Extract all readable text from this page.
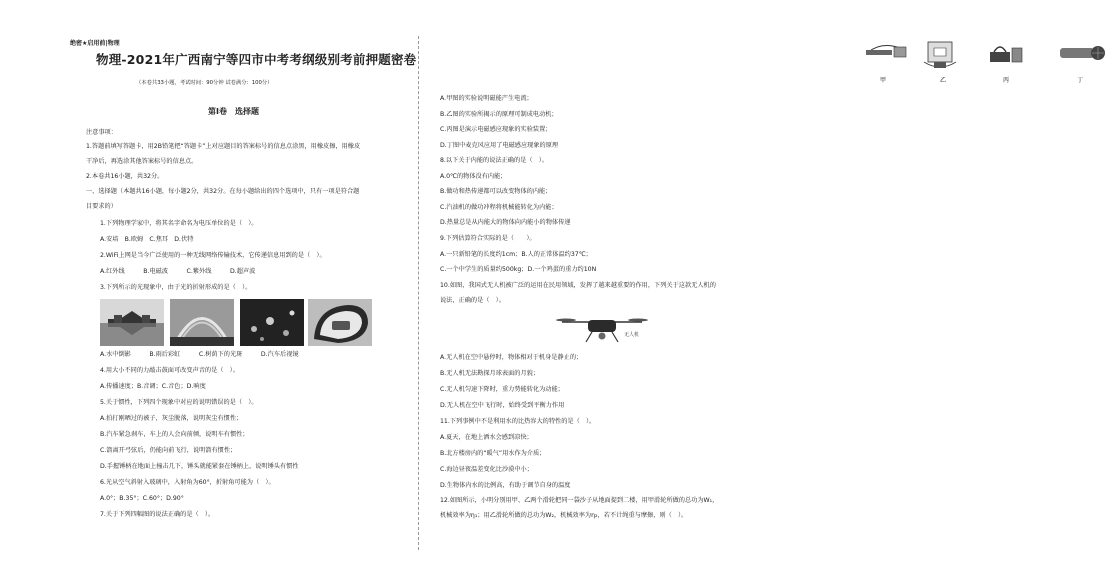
绝密★启用前|物理
物理-2021年广西南宁等四市中考考纲级别考前押题密卷
（本卷共33小题，考试时间：90分钟 试卷满分：100分）
第Ⅰ卷　选择题
注意事项：
1.答题前填写答题卡，用2B铅笔把“答题卡”上对应题目的答案标号的信息点涂黑，用橡皮擦，用橡皮
干净后，再选涂其他答案标号的信息点。
2.本卷共16小题，共32分。
一、选择题（本题共16小题，每小题2分，共32分。在每小题给出的四个选项中，只有一项是符合题
目要求的）
1.下列物理学家中，将其名字命名为电压单位的是（　）。
A.安培　B.欧姆　C.焦耳　D.伏特
2.WiFi上网是当今广泛使用的一种无线网络传输技术，它传递信息用到的是（　）。
A.红外线　　　B.电磁波　　　C.紫外线　　　D.超声波
3.下列所示的光现象中，由于光的折射形成的是（　）。
A.水中倒影　　　B.雨后彩虹　　　C.树荫下的光斑　　　D.汽车后视镜
4.用大小不同的力敲击鼓面可改变声音的是（　）。
A.传播速度；B.音调；C.音色；D.响度
5.关于惯性，下列四个现象中对应的说明错误的是（　）。
A.拍打刚晒过的被子，灰尘脱落，说明灰尘有惯性；
B.汽车紧急刹车，车上的人会向前倾，说明车有惯性；
C.箭离开弓弦后，仍能向前飞行，说明箭有惯性；
D.手握锤柄在地面上撞击几下，锤头就能紧套在锤柄上，说明锤头有惯性
6.光从空气斜射入玻璃中，入射角为60°，折射角可能为（　）。
A.0°；B.35°；C.60°；D.90°
7.关于下列四幅图的说法正确的是（　）。
甲	乙	丙	丁
A.甲图的实验说明磁能产生电流；
B.乙图的实验所揭示的原理可制成电动机；
C.丙图是演示电磁感应现象的实验装置；
D.丁图中麦克风应用了电磁感应现象的原理
8.以下关于内能的说法正确的是（　）。
A.0℃的物体没有内能；
B.做功和热传递都可以改变物体的内能；
C.汽油机的做功冲程将机械能转化为内能；
D.热量总是从内能大的物体向内能小的物体传递
9.下列估算符合实际的是（　　）。
A.一只新铅笔的长度约1cm；B.人的正常体温约37℃；
C.一个中学生的质量约500kg；D.一个鸡蛋的重力约10N
10.如图，我国式无人机被广泛的运用在民用领域，发挥了越来越重要的作用，下列关于这款无人机的
说法，正确的是（　）。
无人机
A.无人机在空中悬停时，物体相对于机身是静止的；
B.无人机无法勘探月球表面的月貌；
C.无人机匀速下降时，重力势能转化为动能；
D.无人机在空中飞行时，始终受到平衡力作用
11.下列事例中不是利用水的比热容大的特性的是（　）。
A.夏天，在地上洒水会感到凉快；
B.北方楼房内的“暖气”用水作为介质；
C.海边昼夜温差变化比沙漠中小；
D.生物体内水的比例高，有助于调节自身的温度
12.如图所示，小明分别用甲、乙两个滑轮把同一袋沙子从地面提到二楼，用甲滑轮所做的总功为W₁，
机械效率为η₁；用乙滑轮所做的总功为W₂，机械效率为η₂，若不计绳重与摩擦，则（　）。
